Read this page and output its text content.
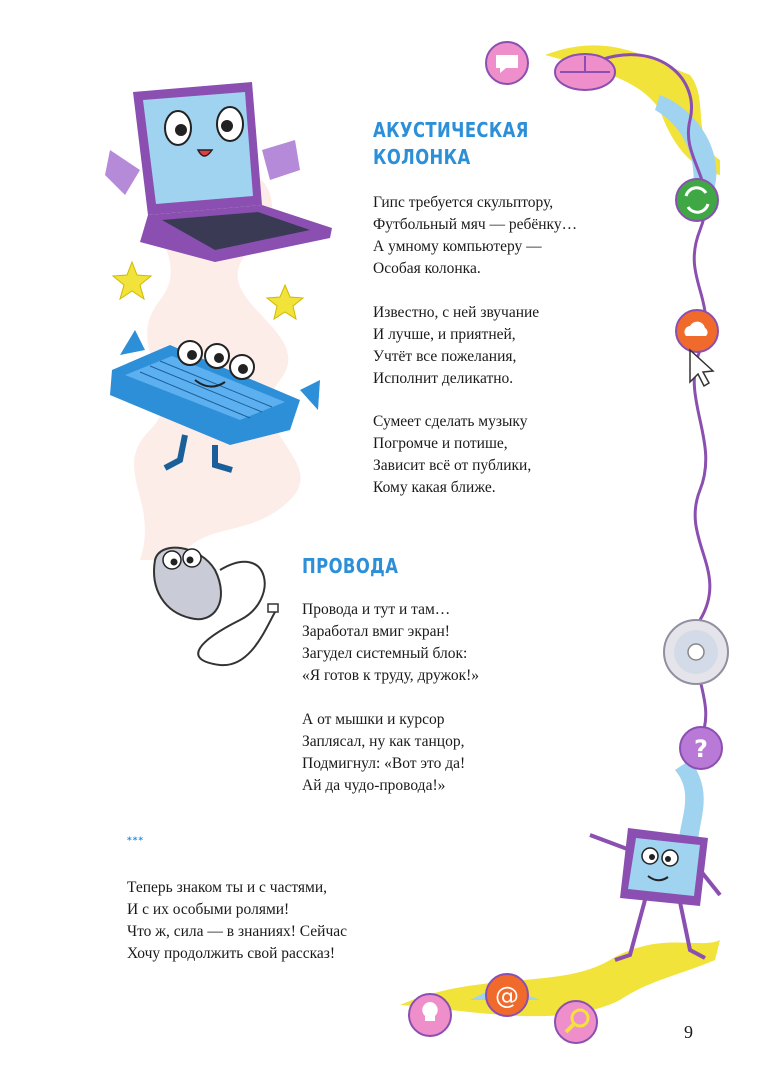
?
@
АКУСТИЧЕСКАЯ
КОЛОНКА
Гипс требуется скульптору,
Футбольный мяч — ребёнку…
А умному компьютеру —
Особая колонка.
Известно, с ней звучание
И лучше, и приятней,
Учтёт все пожелания,
Исполнит деликатно.
Сумеет сделать музыку
Погромче и потише,
Зависит всё от публики,
Кому какая ближе.
ПРОВОДА
Провода и тут и там…
Заработал вмиг экран!
Загудел системный блок:
«Я готов к труду, дружок!»
А от мышки и курсор
Заплясал, ну как танцор,
Подмигнул: «Вот это да!
Ай да чудо-провода!»
***
Теперь знаком ты и с частями,
И с их особыми ролями!
Что ж, сила — в знаниях! Сейчас
Хочу продолжить свой рассказ!
9
